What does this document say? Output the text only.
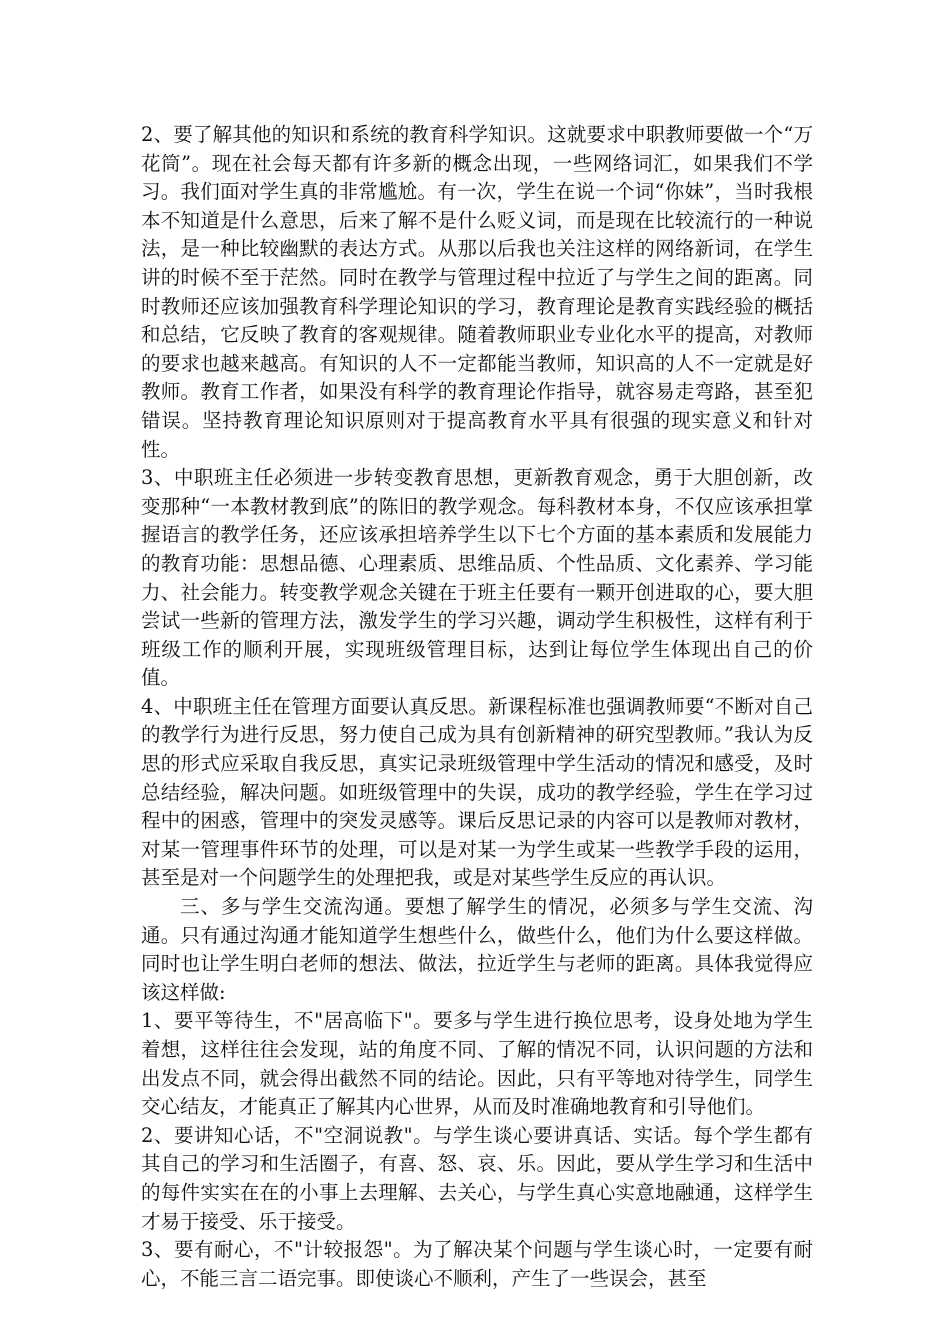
2、要了解其他的知识和系统的教育科学知识。这就要求中职教师要做一个“万花筒”。现在社会每天都有许多新的概念出现，一些网络词汇，如果我们不学习。我们面对学生真的非常尴尬。有一次，学生在说一个词“你妹”，当时我根本不知道是什么意思，后来了解不是什么贬义词，而是现在比较流行的一种说法，是一种比较幽默的表达方式。从那以后我也关注这样的网络新词，在学生讲的时候不至于茫然。同时在教学与管理过程中拉近了与学生之间的距离。同时教师还应该加强教育科学理论知识的学习，教育理论是教育实践经验的概括和总结，它反映了教育的客观规律。随着教师职业专业化水平的提高，对教师的要求也越来越高。有知识的人不一定都能当教师，知识高的人不一定就是好教师。教育工作者，如果没有科学的教育理论作指导，就容易走弯路，甚至犯错误。坚持教育理论知识原则对于提高教育水平具有很强的现实意义和针对性。

3、中职班主任必须进一步转变教育思想，更新教育观念，勇于大胆创新，改变那种“一本教材教到底”的陈旧的教学观念。每科教材本身，不仅应该承担掌握语言的教学任务，还应该承担培养学生以下七个方面的基本素质和发展能力的教育功能：思想品德、心理素质、思维品质、个性品质、文化素养、学习能力、社会能力。转变教学观念关键在于班主任要有一颗开创进取的心，要大胆尝试一些新的管理方法，激发学生的学习兴趣，调动学生积极性，这样有利于班级工作的顺利开展，实现班级管理目标，达到让每位学生体现出自己的价值。

4、中职班主任在管理方面要认真反思。新课程标准也强调教师要“不断对自己的教学行为进行反思，努力使自己成为具有创新精神的研究型教师。”我认为反思的形式应采取自我反思，真实记录班级管理中学生活动的情况和感受，及时总结经验，解决问题。如班级管理中的失误，成功的教学经验，学生在学习过程中的困惑，管理中的突发灵感等。课后反思记录的内容可以是教师对教材，对某一管理事件环节的处理，可以是对某一为学生或某一些教学手段的运用，甚至是对一个问题学生的处理把我，或是对某些学生反应的再认识。

三、多与学生交流沟通。要想了解学生的情况，必须多与学生交流、沟通。只有通过沟通才能知道学生想些什么，做些什么，他们为什么要这样做。同时也让学生明白老师的想法、做法，拉近学生与老师的距离。具体我觉得应该这样做:

1、要平等待生，不"居高临下"。要多与学生进行换位思考，设身处地为学生着想，这样往往会发现，站的角度不同、了解的情况不同，认识问题的方法和出发点不同，就会得出截然不同的结论。因此，只有平等地对待学生，同学生交心结友，才能真正了解其内心世界，从而及时准确地教育和引导他们。

2、要讲知心话，不"空洞说教"。与学生谈心要讲真话、实话。每个学生都有其自己的学习和生活圈子，有喜、怒、哀、乐。因此，要从学生学习和生活中的每件实实在在的小事上去理解、去关心，与学生真心实意地融通，这样学生才易于接受、乐于接受。

3、要有耐心，不"计较报怨"。为了解决某个问题与学生谈心时，一定要有耐心，不能三言二语完事。即使谈心不顺利，产生了一些误会，甚至
